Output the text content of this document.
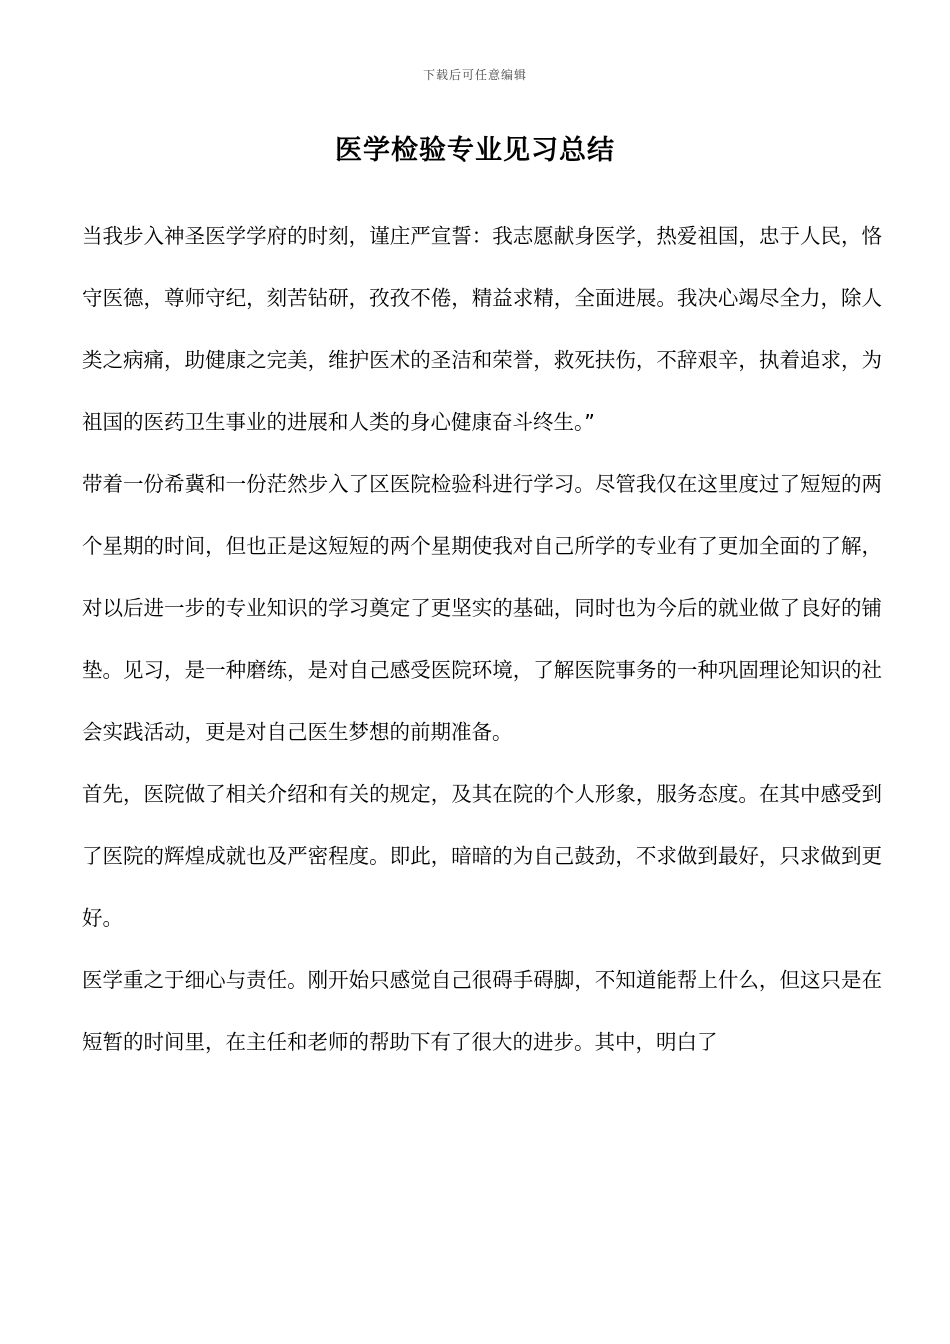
下载后可任意编辑
医学检验专业见习总结

当我步入神圣医学学府的时刻，谨庄严宣誓：我志愿献身医学，热爱祖国，忠于人民，恪守医德，尊师守纪，刻苦钻研，孜孜不倦，精益求精，全面进展。我决心竭尽全力，除人类之病痛，助健康之完美，维护医术的圣洁和荣誉，救死扶伤，不辞艰辛，执着追求，为祖国的医药卫生事业的进展和人类的身心健康奋斗终生。”

带着一份希冀和一份茫然步入了区医院检验科进行学习。尽管我仅在这里度过了短短的两个星期的时间，但也正是这短短的两个星期使我对自己所学的专业有了更加全面的了解，对以后进一步的专业知识的学习奠定了更坚实的基础，同时也为今后的就业做了良好的铺垫。见习，是一种磨练，是对自己感受医院环境，了解医院事务的一种巩固理论知识的社会实践活动，更是对自己医生梦想的前期准备。

首先，医院做了相关介绍和有关的规定，及其在院的个人形象，服务态度。在其中感受到了医院的辉煌成就也及严密程度。即此，暗暗的为自己鼓劲，不求做到最好，只求做到更好。

医学重之于细心与责任。刚开始只感觉自己很碍手碍脚，不知道能帮上什么，但这只是在短暂的时间里，在主任和老师的帮助下有了很大的进步。其中，明白了
